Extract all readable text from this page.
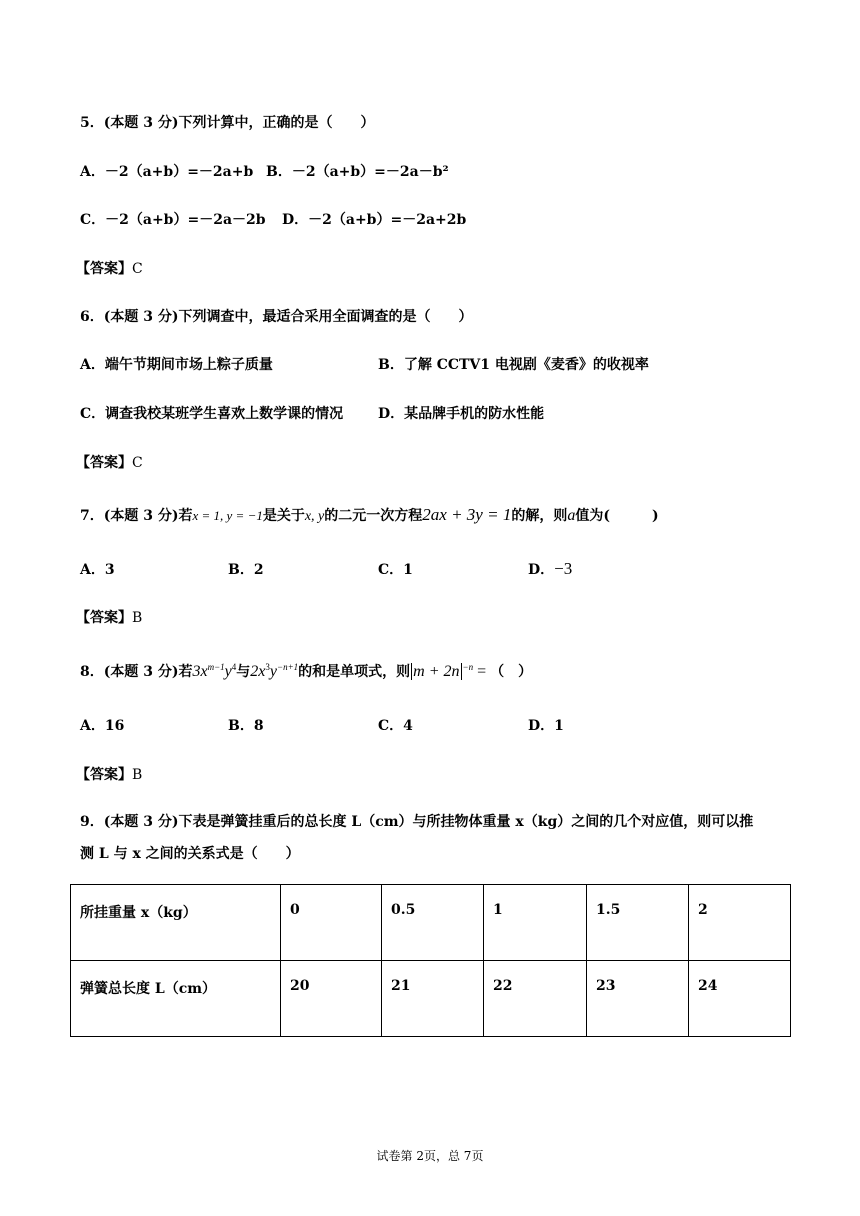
5．(本题 3 分)下列计算中，正确的是（　　）
A．－2（a+b）=－2a+b B．－2（a+b）=－2a－b²
C．－2（a+b）=－2a－2b D．－2（a+b）=－2a+2b
【答案】C
6．(本题 3 分)下列调查中，最适合采用全面调查的是（　　）
A．端午节期间市场上粽子质量	B．了解 CCTV1 电视剧《麦香》的收视率
C．调查我校某班学生喜欢上数学课的情况 D．某品牌手机的防水性能
【答案】C
7．(本题 3 分)若x = 1, y = −1是关于x, y的二元一次方程2ax + 3y = 1的解，则a值为(　　　)
A．3	B．2	C．1	D．−3
【答案】B
8．(本题 3 分)若$3x^{m-1}y^4$与$2x^3y^{-n+1}$的和是单项式，则 m + 2n $^{-n}$ = （　）
A．16	B．8	C．4	D．1
【答案】B
9．(本题 3 分)下表是弹簧挂重后的总长度 L（cm）与所挂物体重量 x（kg）之间的几个对应值，则可以推
测 L 与 x 之间的关系式是（　　）
所挂重量 x（kg）	0	0.5	1	1.5	2
弹簧总长度 L（cm）	20	21	22	23	24
试卷第 2页，总 7页
